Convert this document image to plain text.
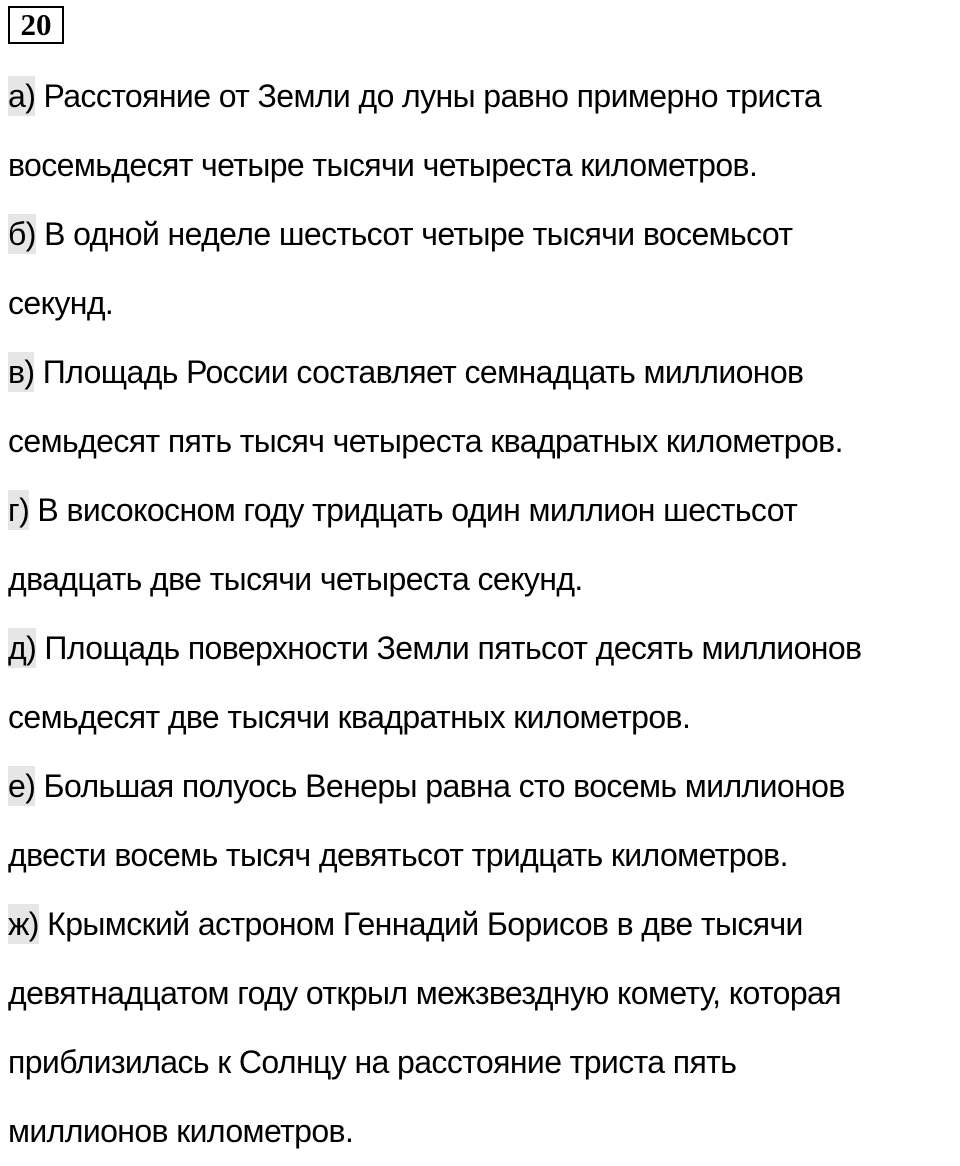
20
а) Расстояние от Земли до луны равно примерно триста
восемьдесят четыре тысячи четыреста километров.
б) В одной неделе шестьсот четыре тысячи восемьсот
секунд.
в) Площадь России составляет семнадцать миллионов
семьдесят пять тысяч четыреста квадратных километров.
г) В високосном году тридцать один миллион шестьсот
двадцать две тысячи четыреста секунд.
д) Площадь поверхности Земли пятьсот десять миллионов
семьдесят две тысячи квадратных километров.
е) Большая полуось Венеры равна сто восемь миллионов
двести восемь тысяч девятьсот тридцать километров.
ж) Крымский астроном Геннадий Борисов в две тысячи
девятнадцатом году открыл межзвездную комету, которая
приблизилась к Солнцу на расстояние триста пять
миллионов километров.
